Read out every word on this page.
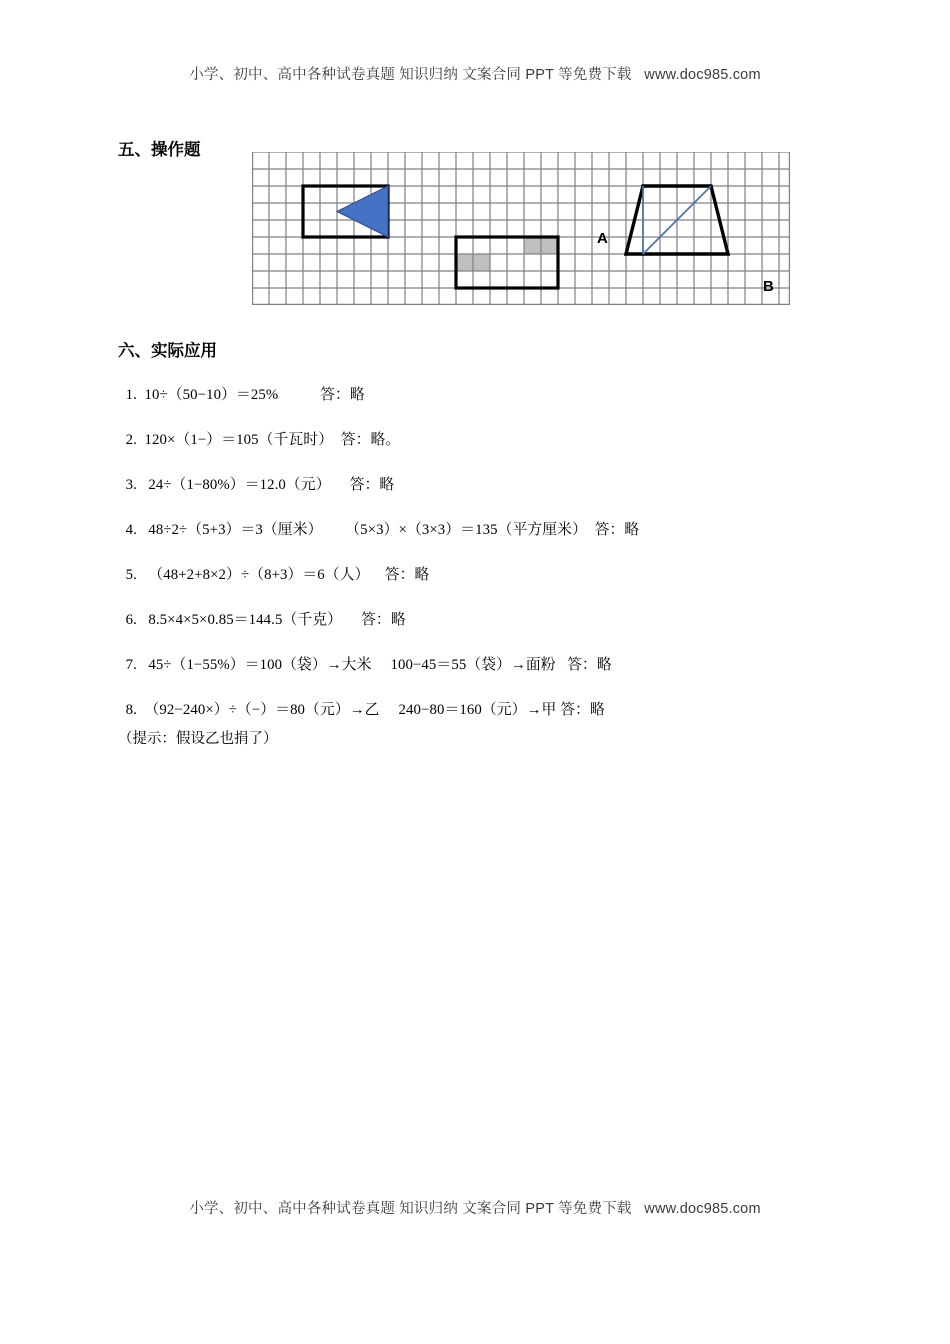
小学、初中、高中各种试卷真题 知识归纳 文案合同 PPT 等免费下载   www.doc985.com
五、操作题
A
B
六、实际应用

1. 10÷（50−10）＝25%	答：略

2. 120×（1−）＝105（千瓦时） 答：略。

3. 24÷（1−80%）＝12.0（元） 答：略

4. 48÷2÷（5+3）＝3（厘米） （5×3）×（3×3）＝135（平方厘米） 答：略

5. （48+2+8×2）÷（8+3）＝6（人） 答：略

6. 8.5×4×5×0.85＝144.5（千克） 答：略

7. 45÷（1−55%）＝100（袋）→大米 100−45＝55（袋）→面粉 答：略

8. （92−240×）÷（−）＝80（元）→乙 240−80＝160（元）→甲 答：略

（提示：假设乙也捐了）
小学、初中、高中各种试卷真题 知识归纳 文案合同 PPT 等免费下载   www.doc985.com
